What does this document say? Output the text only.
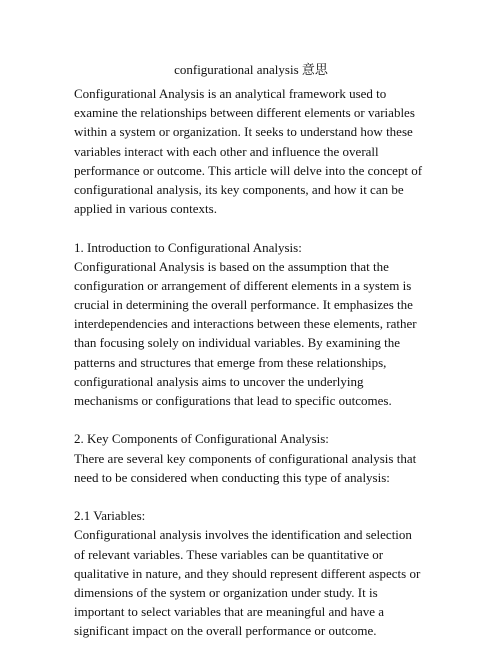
configurational analysis 意思
Configurational Analysis is an analytical framework used to
examine the relationships between different elements or variables
within a system or organization. It seeks to understand how these
variables interact with each other and influence the overall
performance or outcome. This article will delve into the concept of
configurational analysis, its key components, and how it can be
applied in various contexts.
1. Introduction to Configurational Analysis:
Configurational Analysis is based on the assumption that the
configuration or arrangement of different elements in a system is
crucial in determining the overall performance. It emphasizes the
interdependencies and interactions between these elements, rather
than focusing solely on individual variables. By examining the
patterns and structures that emerge from these relationships,
configurational analysis aims to uncover the underlying
mechanisms or configurations that lead to specific outcomes.
2. Key Components of Configurational Analysis:
There are several key components of configurational analysis that
need to be considered when conducting this type of analysis:
2.1 Variables:
Configurational analysis involves the identification and selection
of relevant variables. These variables can be quantitative or
qualitative in nature, and they should represent different aspects or
dimensions of the system or organization under study. It is
important to select variables that are meaningful and have a
significant impact on the overall performance or outcome.
